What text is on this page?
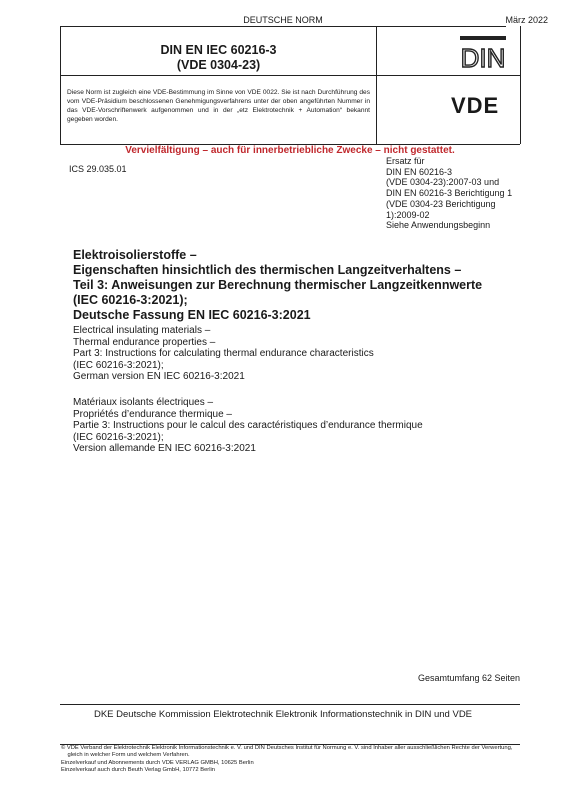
DEUTSCHE NORM	März 2022
DIN EN IEC 60216-3
(VDE 0304-23)
Diese Norm ist zugleich eine VDE-Bestimmung im Sinne von VDE 0022. Sie ist nach Durchführung des vom VDE-Präsidium beschlossenen Genehmigungsverfahrens unter der oben angeführten Nummer in das VDE-Vorschriftenwerk aufgenommen und in der „etz Elektrotechnik + Automation“ bekannt gegeben worden.
DIN
VDE
Vervielfältigung – auch für innerbetriebliche Zwecke – nicht gestattet.
ICS 29.035.01
Ersatz für
DIN EN 60216-3
(VDE 0304-23):2007-03 und
DIN EN 60216-3 Berichtigung 1
(VDE 0304-23 Berichtigung
1):2009-02
Siehe Anwendungsbeginn
Elektroisolierstoffe –
Eigenschaften hinsichtlich des thermischen Langzeitverhaltens –
Teil 3: Anweisungen zur Berechnung thermischer Langzeitkennwerte
(IEC 60216-3:2021);
Deutsche Fassung EN IEC 60216-3:2021
Electrical insulating materials –
Thermal endurance properties –
Part 3: Instructions for calculating thermal endurance characteristics
(IEC 60216-3:2021);
German version EN IEC 60216-3:2021
Matériaux isolants électriques –
Propriétés d’endurance thermique –
Partie 3: Instructions pour le calcul des caractéristiques d’endurance thermique
(IEC 60216-3:2021);
Version allemande EN IEC 60216-3:2021
Gesamtumfang 62 Seiten
DKE Deutsche Kommission Elektrotechnik Elektronik Informationstechnik in DIN und VDE
© VDE Verband der Elektrotechnik Elektronik Informationstechnik e. V. und DIN Deutsches Institut für Normung e. V. sind Inhaber aller ausschließlichen Rechte der Verwertung,
gleich in welcher Form und welchem Verfahren.
Einzelverkauf und Abonnements durch VDE VERLAG GMBH, 10625 Berlin
Einzelverkauf auch durch Beuth Verlag GmbH, 10772 Berlin
